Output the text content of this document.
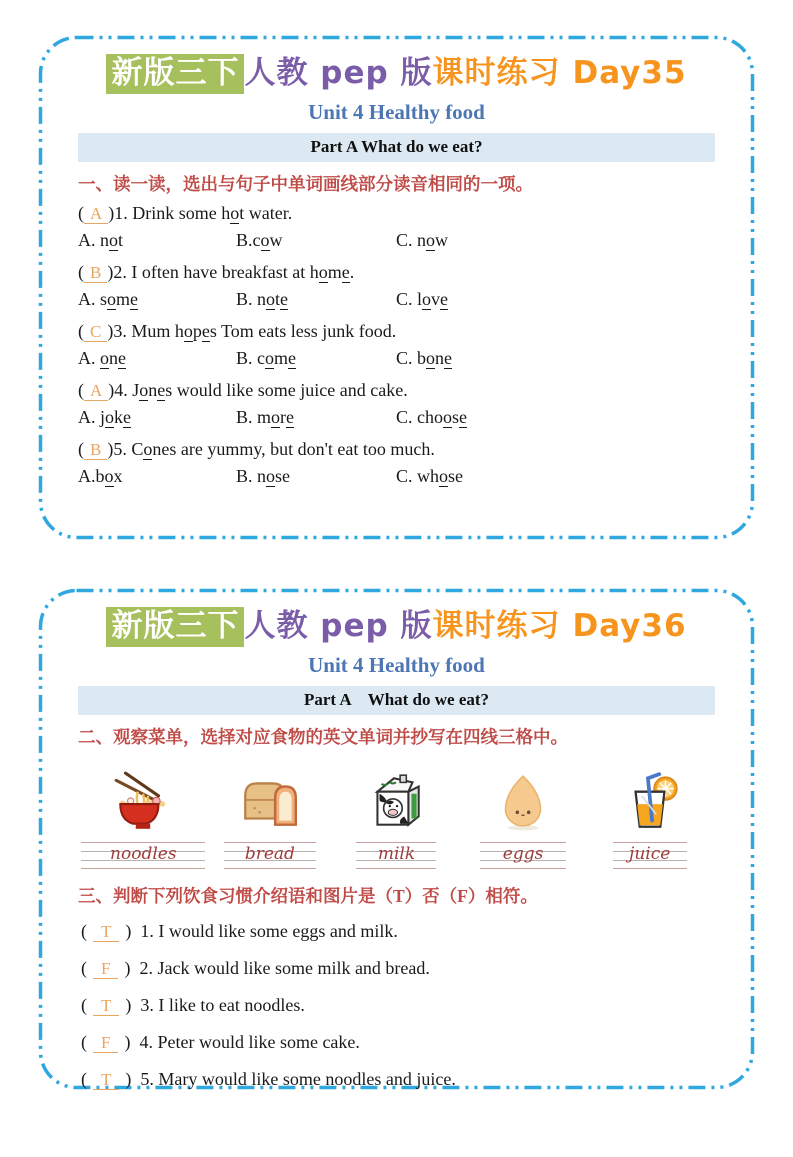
新版三下 人教 pep 版课时练习 Day35
Unit 4 Healthy food
Part A What do we eat?
一、读一读，选出与句子中单词画线部分读音相同的一项。
( A )1. Drink some hot water.
A. not	B.cow	C. now
( B )2. I often have breakfast at home.
A. some	B. note	C. love
( C )3. Mum hopes Tom eats less junk food.
A. one	B. come	C. bone
( A )4. Jones would like some juice and cake.
A. joke	B. more	C. choose
( B )5. Cones are yummy, but don't eat too much.
A.box	B. nose	C. whose
新版三下 人教 pep 版课时练习 Day36
Unit 4 Healthy food
Part A　What do we eat?
二、观察菜单，选择对应食物的英文单词并抄写在四线三格中。
noodles	bread	milk	eggs	juice
三、判断下列饮食习惯介绍语和图片是（T）否（F）相符。
( T ) 1. I would like some eggs and milk.
( F ) 2. Jack would like some milk and bread.
( T ) 3. I like to eat noodles.
( F ) 4. Peter would like some cake.
( T ) 5. Mary would like some noodles and juice.
